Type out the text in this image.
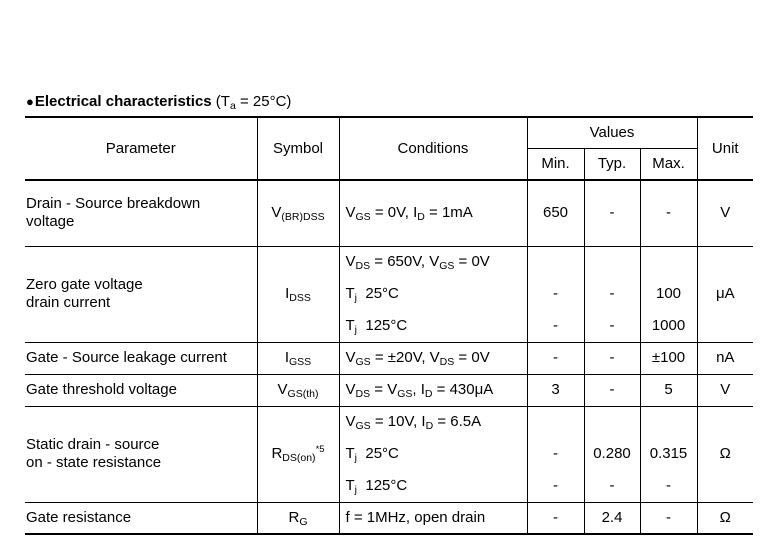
●Electrical characteristics $(T_a = 25^\circ C)$
Parameter	Symbol	Conditions	Values			Unit
			Min.	Typ.	Max.	
Drain - Source breakdown
voltage	$V_{(BR)DSS}$	$V_{GS} = 0V$, $I_D = 1mA$	650	-	-	V
Zero gate voltage
drain current	$I_{DSS}$	$V_{DS} = 650V$, $V_{GS} = 0V$				μA
		$T_j$  25°C	-	-	100	
		$T_j$  125°C	-	-	1000	
Gate - Source leakage current	$I_{GSS}$	$V_{GS} = \pm 20V$, $V_{DS} = 0V$	-	-	±100	nA
Gate threshold voltage	$V_{GS(th)}$	$V_{DS} = V_{GS}$, $I_D = 430\mu A$	3	-	5	V
Static drain - source
on - state resistance	$R_{DS(on)}^{*5}$	$V_{GS} = 10V$, $I_D = 6.5A$				Ω
		$T_j$  25°C	-	0.280	0.315	
		$T_j$  125°C	-	-	-	
Gate resistance	$R_G$	f = 1MHz, open drain	-	2.4	-	Ω
